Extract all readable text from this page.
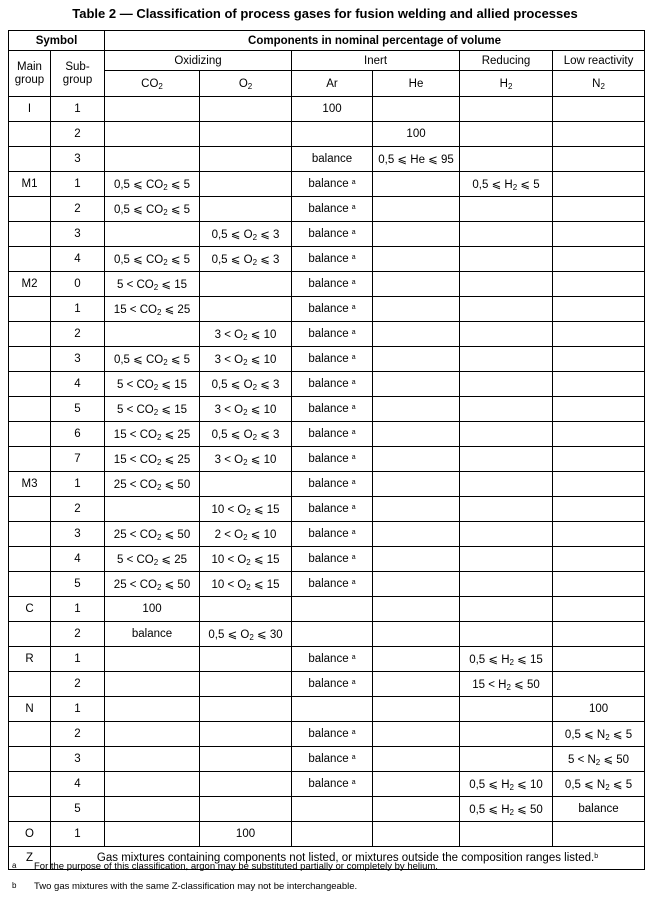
Table 2 — Classification of process gases for fusion welding and allied processes
Symbol		Components in nominal percentage of volume					
Main group	Sub-group	Oxidizing		Inert		Reducing	Low reactivity
		$CO_2$	$O_2$	Ar	He	$H_2$	$N_2$
I	1			100			
	2				100		
	3			balance	0,5 ⩽ He ⩽ 95		
M1	1	0,5 ⩽ $CO_2$ ⩽ 5		balance $^a$		0,5 ⩽ $H_2$ ⩽ 5	
	2	0,5 ⩽ $CO_2$ ⩽ 5		balance $^a$			
	3		0,5 ⩽ $O_2$ ⩽ 3	balance $^a$			
	4	0,5 ⩽ $CO_2$ ⩽ 5	0,5 ⩽ $O_2$ ⩽ 3	balance $^a$			
M2	0	$5 < CO_2$ ⩽ 15		balance $^a$			
	1	$15 < CO_2$ ⩽ 25		balance $^a$			
	2		$3 < O_2$ ⩽ 10	balance $^a$			
	3	0,5 ⩽ $CO_2$ ⩽ 5	$3 < O_2$ ⩽ 10	balance $^a$			
	4	$5 < CO_2$ ⩽ 15	0,5 ⩽ $O_2$ ⩽ 3	balance $^a$			
	5	$5 < CO_2$ ⩽ 15	$3 < O_2$ ⩽ 10	balance $^a$			
	6	$15 < CO_2$ ⩽ 25	0,5 ⩽ $O_2$ ⩽ 3	balance $^a$			
	7	$15 < CO_2$ ⩽ 25	$3 < O_2$ ⩽ 10	balance $^a$			
M3	1	$25 < CO_2$ ⩽ 50		balance $^a$			
	2		$10 < O_2$ ⩽ 15	balance $^a$			
	3	$25 < CO_2$ ⩽ 50	$2 < O_2$ ⩽ 10	balance $^a$			
	4	$5 < CO_2$ ⩽ 25	$10 < O_2$ ⩽ 15	balance $^a$			
	5	$25 < CO_2$ ⩽ 50	$10 < O_2$ ⩽ 15	balance $^a$			
C	1	100					
	2	balance	0,5 ⩽ $O_2$ ⩽ 30				
R	1			balance $^a$		0,5 ⩽ $H_2$ ⩽ 15	
	2			balance $^a$		$15 < H_2$ ⩽ 50	
N	1						100
	2			balance $^a$			0,5 ⩽ $N_2$ ⩽ 5
	3			balance $^a$			$5 < N_2$ ⩽ 50
	4			balance $^a$		0,5 ⩽ $H_2$ ⩽ 10	0,5 ⩽ $N_2$ ⩽ 5
	5					0,5 ⩽ $H_2$ ⩽ 50	balance
O	1		100				
Z	Gas mixtures containing components not listed, or mixtures outside the composition ranges listed.$^b$
a For the purpose of this classification, argon may be substituted partially or completely by helium.
b Two gas mixtures with the same Z-classification may not be interchangeable.
